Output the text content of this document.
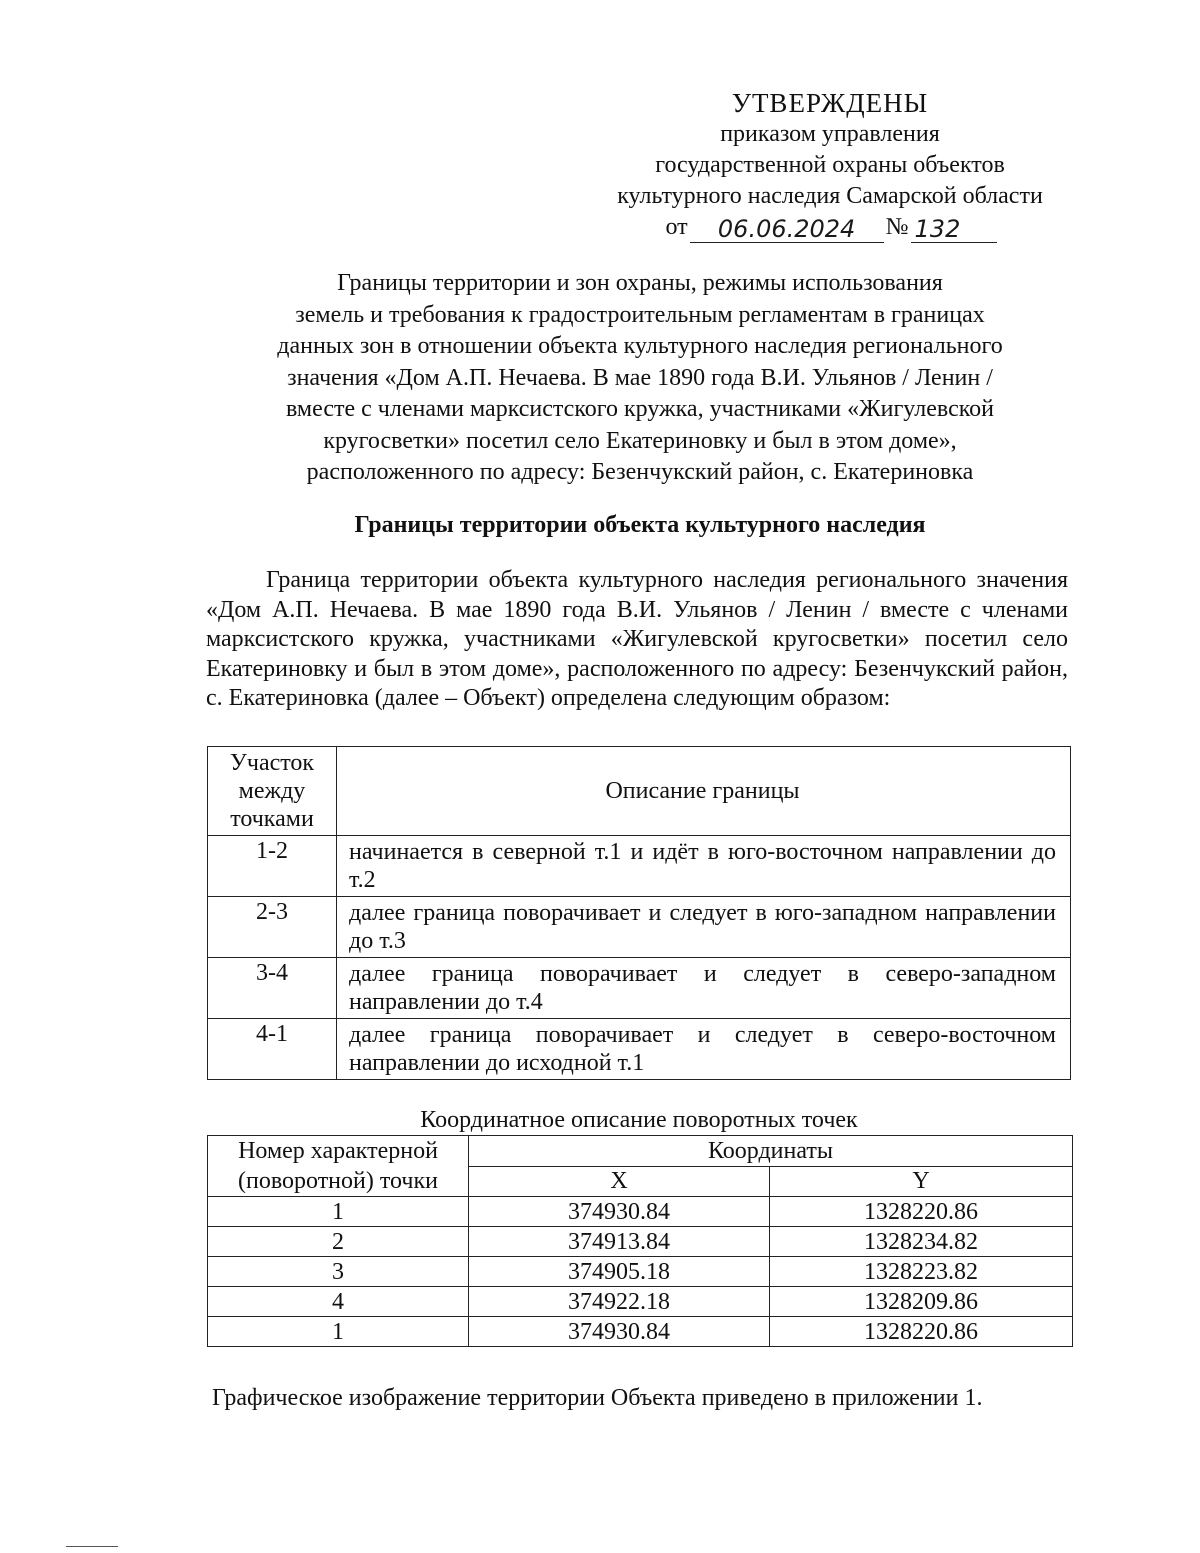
УТВЕРЖДЕНЫ
приказом управления
государственной охраны объектов
культурного наследия Самарской области
от	06.06.2024	№ 132
Границы территории и зон охраны, режимы использования
земель и требования к градостроительным регламентам в границах
данных зон в отношении объекта культурного наследия регионального
значения «Дом А.П. Нечаева. В мае 1890 года В.И. Ульянов / Ленин /
вместе с членами марксистского кружка, участниками «Жигулевской
кругосветки» посетил село Екатериновку и был в этом доме»,
расположенного по адресу: Безенчукский район, с. Екатериновка
Границы территории объекта культурного наследия

Граница территории объекта культурного наследия регионального значения «Дом А.П. Нечаева. В мае 1890 года В.И. Ульянов / Ленин / вместе с членами марксистского кружка, участниками «Жигулевской кругосветки» посетил село Екатериновку и был в этом доме», расположенного по адресу: Безенчукский район, с. Екатериновка (далее – Объект) определена следующим образом:

Участок между точками	Описание границы
1-2	начинается в северной т.1 и идёт в юго-восточном направлении до т.2
2-3	далее граница поворачивает и следует в юго-западном направлении до т.3
3-4	далее граница поворачивает и следует в северо-западном направлении до т.4
4-1	далее граница поворачивает и следует в северо-восточном направлении до исходной т.1
Координатное описание поворотных точек
Номер характерной
(поворотной) точки	Координаты	
	X	Y
1	374930.84	1328220.86
2	374913.84	1328234.82
3	374905.18	1328223.82
4	374922.18	1328209.86
1	374930.84	1328220.86
Графическое изображение территории Объекта приведено в приложении 1.
